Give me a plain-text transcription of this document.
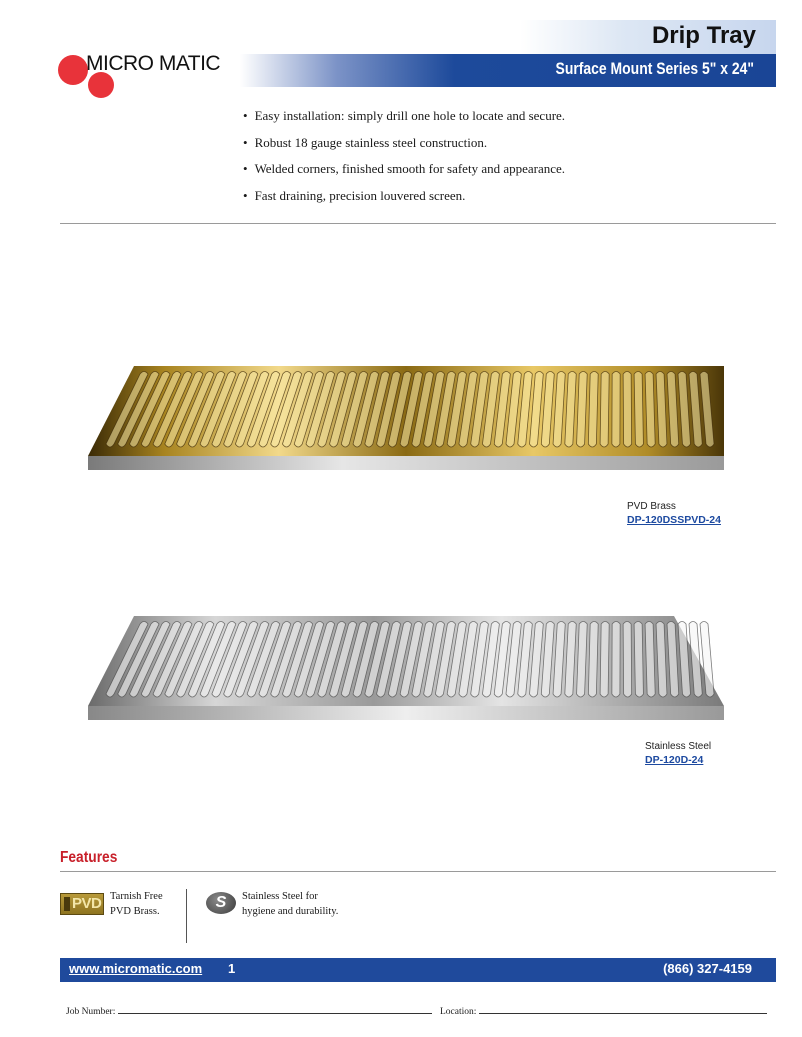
MICRO MATIC
Drip Tray
Surface Mount Series 5" x 24"
• Easy installation: simply drill one hole to locate and secure.
• Robust 18 gauge stainless steel construction.
• Welded corners, finished smooth for safety and appearance.
• Fast draining, precision louvered screen.
PVD Brass
DP-120DSSPVD-24
Stainless Steel
DP-120D-24
Features
PVD Tarnish Free
PVD Brass.
S	Stainless Steel for
hygiene and durability.
www.micromatic.com 1	(866) 327-4159
Job Number:	Location:
